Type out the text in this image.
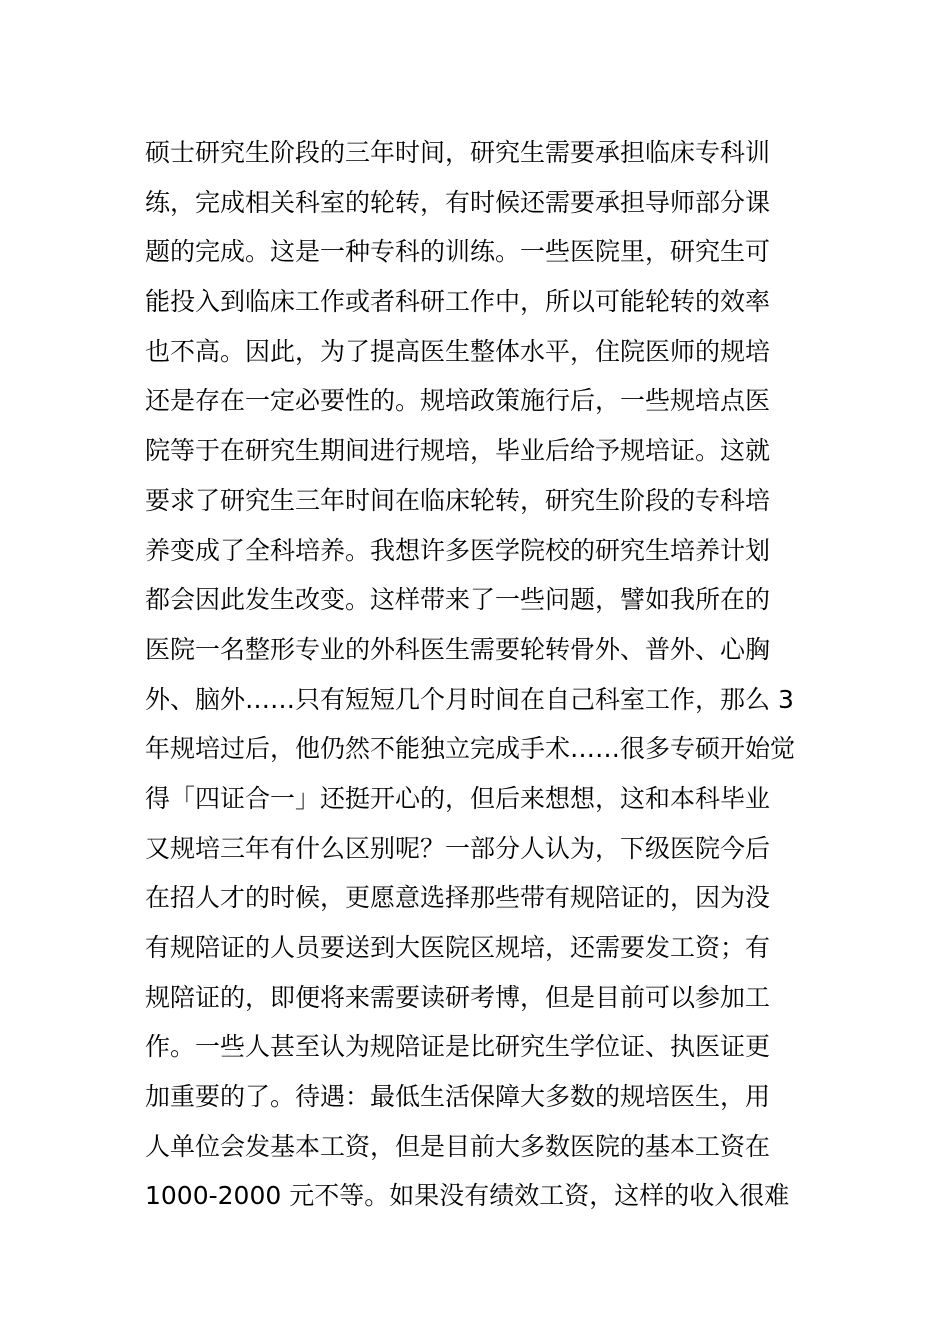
硕士研究生阶段的三年时间，研究生需要承担临床专科训
练，完成相关科室的轮转，有时候还需要承担导师部分课
题的完成。这是一种专科的训练。一些医院里，研究生可
能投入到临床工作或者科研工作中，所以可能轮转的效率
也不高。因此，为了提高医生整体水平，住院医师的规培
还是存在一定必要性的。规培政策施行后，一些规培点医
院等于在研究生期间进行规培，毕业后给予规培证。这就
要求了研究生三年时间在临床轮转，研究生阶段的专科培
养变成了全科培养。我想许多医学院校的研究生培养计划
都会因此发生改变。这样带来了一些问题，譬如我所在的
医院一名整形专业的外科医生需要轮转骨外、普外、心胸
外、脑外……只有短短几个月时间在自己科室工作，那么 3
年规培过后，他仍然不能独立完成手术……很多专硕开始觉
得「四证合一」还挺开心的，但后来想想，这和本科毕业
又规培三年有什么区别呢？一部分人认为，下级医院今后
在招人才的时候，更愿意选择那些带有规陪证的，因为没
有规陪证的人员要送到大医院区规培，还需要发工资；有
规陪证的，即便将来需要读研考博，但是目前可以参加工
作。一些人甚至认为规陪证是比研究生学位证、执医证更
加重要的了。待遇：最低生活保障大多数的规培医生，用
人单位会发基本工资，但是目前大多数医院的基本工资在
1000-2000 元不等。如果没有绩效工资，这样的收入很难
